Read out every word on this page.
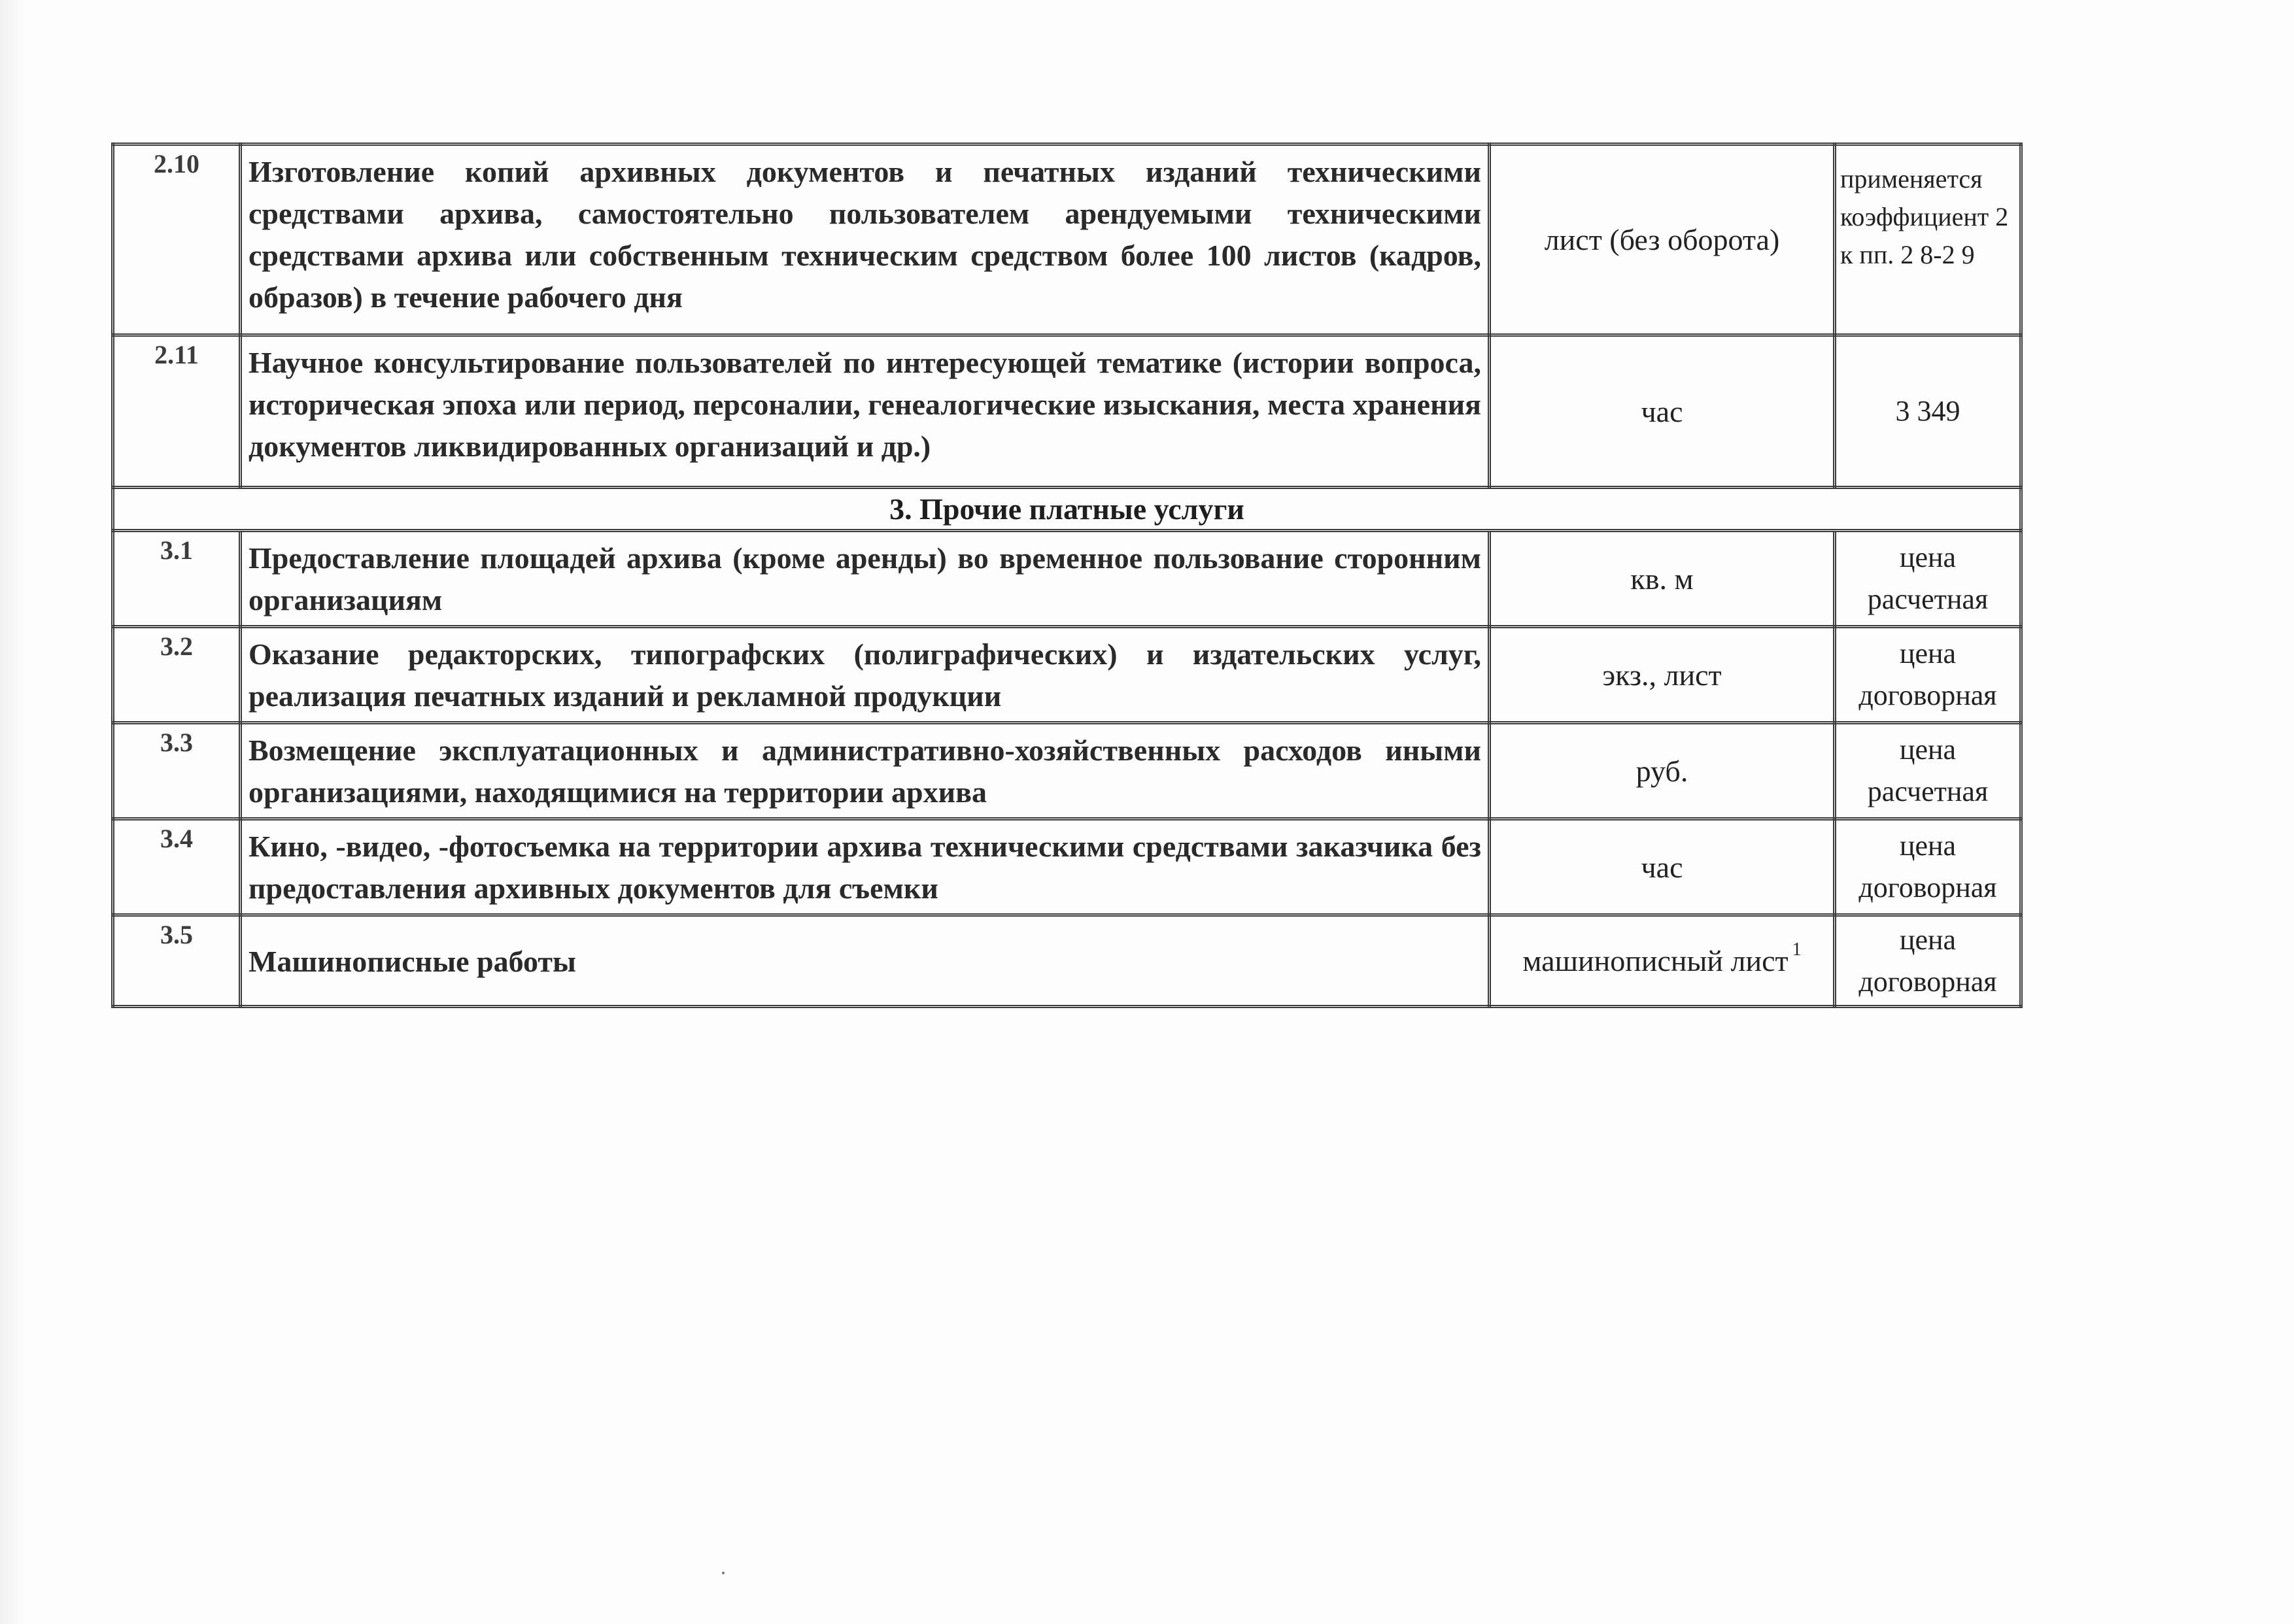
2.10	Изготовление копий архивных документов и печатных изданий техническими средствами архива, самостоятельно пользователем арендуемыми техническими средствами архива или собственным техническим средством более 100 листов (кадров, образов) в течение рабочего дня	лист (без оборота)	применяется коэффициент 2 к пп. 2 8-2 9
2.11	Научное консультирование пользователей по интересующей тематике (истории вопроса, историческая эпоха или период, персоналии, генеалогические изыскания, места хранения документов ликвидированных организаций и др.)	час	3 349
3. Прочие платные услуги			
3.1	Предоставление площадей архива (кроме аренды) во временное пользование сторонним организациям	кв. м	цена расчетная
3.2	Оказание редакторских, типографских (полиграфических) и издательских услуг, реализация печатных изданий и рекламной продукции	экз., лист	цена договорная
3.3	Возмещение эксплуатационных и административно-хозяйственных расходов иными организациями, находящимися на территории архива	руб.	цена расчетная
3.4	Кино, -видео, -фотосъемка на территории архива техническими средствами заказчика без предоставления архивных документов для съемки	час	цена договорная
3.5	Машинописные работы	машинописный лист $^1$	цена договорная
